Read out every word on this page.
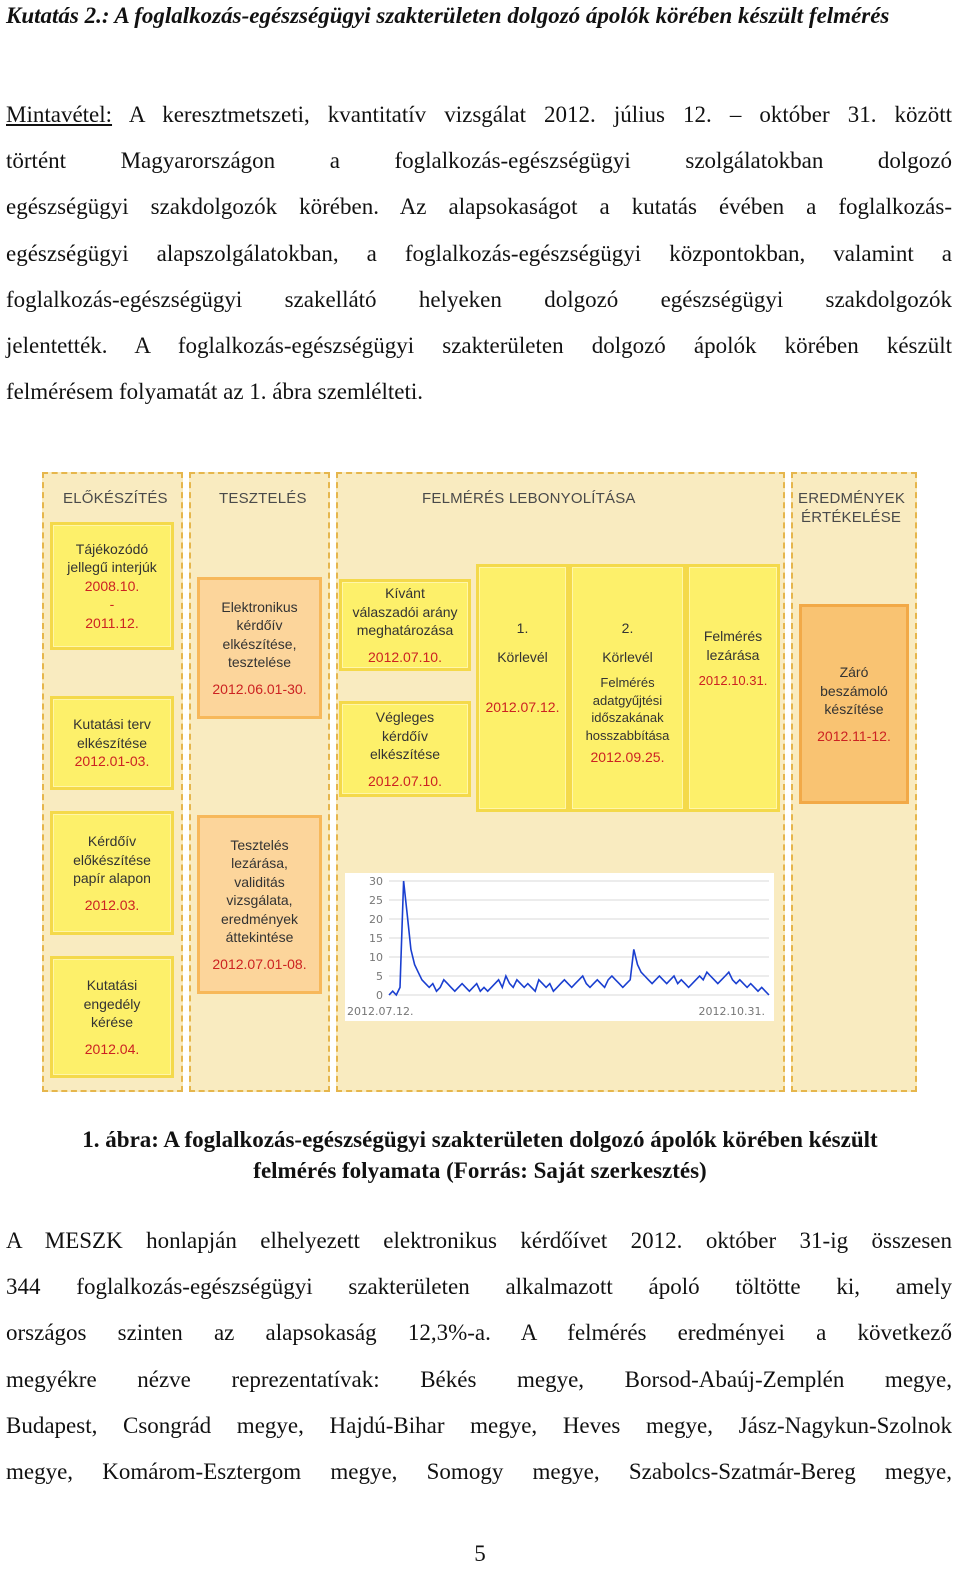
Kutatás 2.: A foglalkozás-egészségügyi szakterületen dolgozó ápolók körében készült felmérés
Mintavétel: A keresztmetszeti, kvantitatív vizsgálat 2012. július 12. – október 31. között
történt Magyarországon a foglalkozás-egészségügyi szolgálatokban dolgozó
egészségügyi szakdolgozók körében. Az alapsokaságot a kutatás évében a foglalkozás-
egészségügyi alapszolgálatokban, a foglalkozás-egészségügyi központokban, valamint a
foglalkozás-egészségügyi szakellátó helyeken dolgozó egészségügyi szakdolgozók
jelentették. A foglalkozás-egészségügyi szakterületen dolgozó ápolók körében készült
felmérésem folyamatát az 1. ábra szemlélteti.
ELŐKÉSZÍTÉS	TESZTELÉS	FELMÉRÉS LEBONYOLÍTÁSA	EREDMÉNYEK
ÉRTÉKELÉSE
Tájékozódó
jellegű interjúk
2008.10.
-
2011.12.
Kutatási terv
elkészítése
2012.01-03.
Kérdőív
előkészítése
papír alapon
2012.03.
Kutatási
engedély
kérése
2012.04.
Elektronikus
kérdőív
elkészítése,
tesztelése
2012.06.01-30.
Tesztelés
lezárása,
validitás
vizsgálata,
eredmények
áttekintése
2012.07.01-08.
Kívánt
válaszadói arány
meghatározása
2012.07.10.
Végleges
kérdőív
elkészítése
2012.07.10.
1.
Körlevél
2012.07.12.
2.
Körlevél
Felmérés
adatgyűjtési
időszakának
hosszabbítása
2012.09.25.
Felmérés
lezárása
2012.10.31.
30
25
20
15
10
5
0
2012.07.12.	2012.10.31.
Záró
beszámoló
készítése
2012.11-12.
1. ábra: A foglalkozás-egészségügyi szakterületen dolgozó ápolók körében készült
felmérés folyamata (Forrás: Saját szerkesztés)
A MESZK honlapján elhelyezett elektronikus kérdőívet 2012. október 31-ig összesen
344 foglalkozás-egészségügyi szakterületen alkalmazott ápoló töltötte ki, amely
országos szinten az alapsokaság 12,3%-a. A felmérés eredményei a következő
megyékre nézve reprezentatívak: Békés megye, Borsod-Abaúj-Zemplén megye,
Budapest, Csongrád megye, Hajdú-Bihar megye, Heves megye, Jász-Nagykun-Szolnok
megye, Komárom-Esztergom megye, Somogy megye, Szabolcs-Szatmár-Bereg megye,
5
